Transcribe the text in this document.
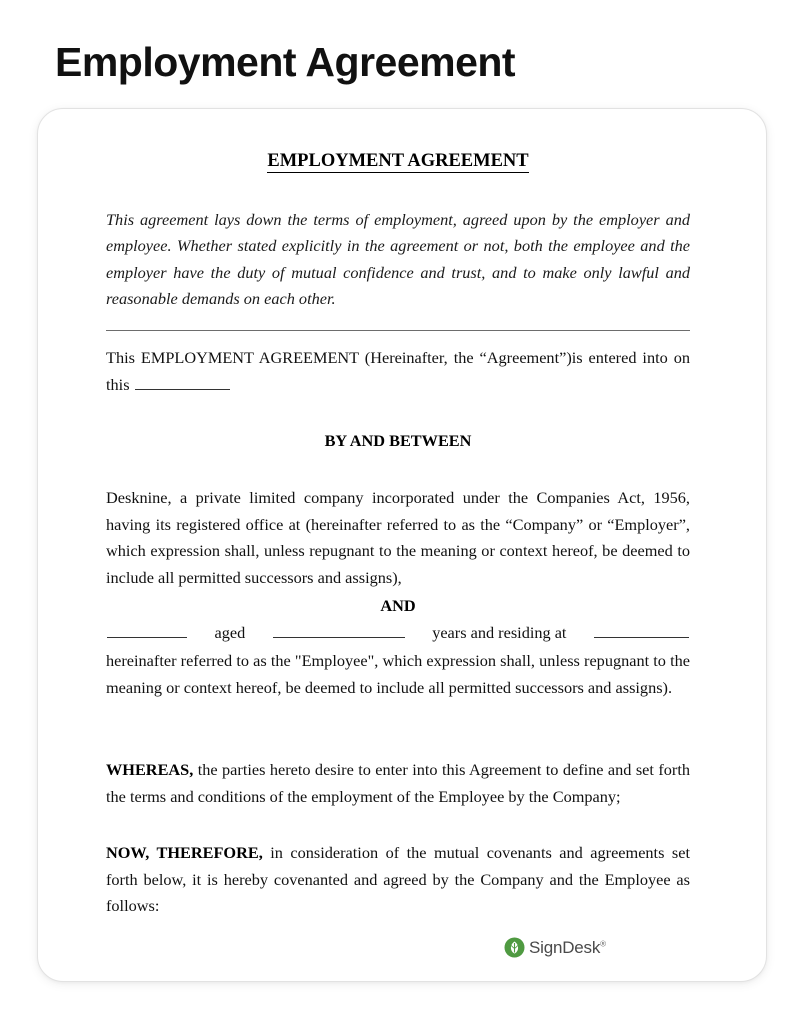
Employment Agreement
EMPLOYMENT AGREEMENT
This agreement lays down the terms of employment, agreed upon by the employer and employee. Whether stated explicitly in the agreement or not, both the employee and the employer have the duty of mutual confidence and trust, and to make only lawful and reasonable demands on each other.
This EMPLOYMENT AGREEMENT (Hereinafter, the “Agreement”)is entered into on this
BY AND BETWEEN
Desknine, a private limited company incorporated under the Companies Act, 1956, having its registered office at (hereinafter referred to as the “Company” or “Employer”, which expression shall, unless repugnant to the meaning or context hereof, be deemed to include all permitted successors and assigns),
AND
aged	years and residing at
hereinafter referred to as the "Employee", which expression shall, unless repugnant to the meaning or context hereof, be deemed to include all permitted successors and assigns).
WHEREAS, the parties hereto desire to enter into this Agreement to define and set forth the terms and conditions of the employment of the Employee by the Company;
NOW, THEREFORE, in consideration of the mutual covenants and agreements set forth below, it is hereby covenanted and agreed by the Company and the Employee as follows:
SignDesk®
